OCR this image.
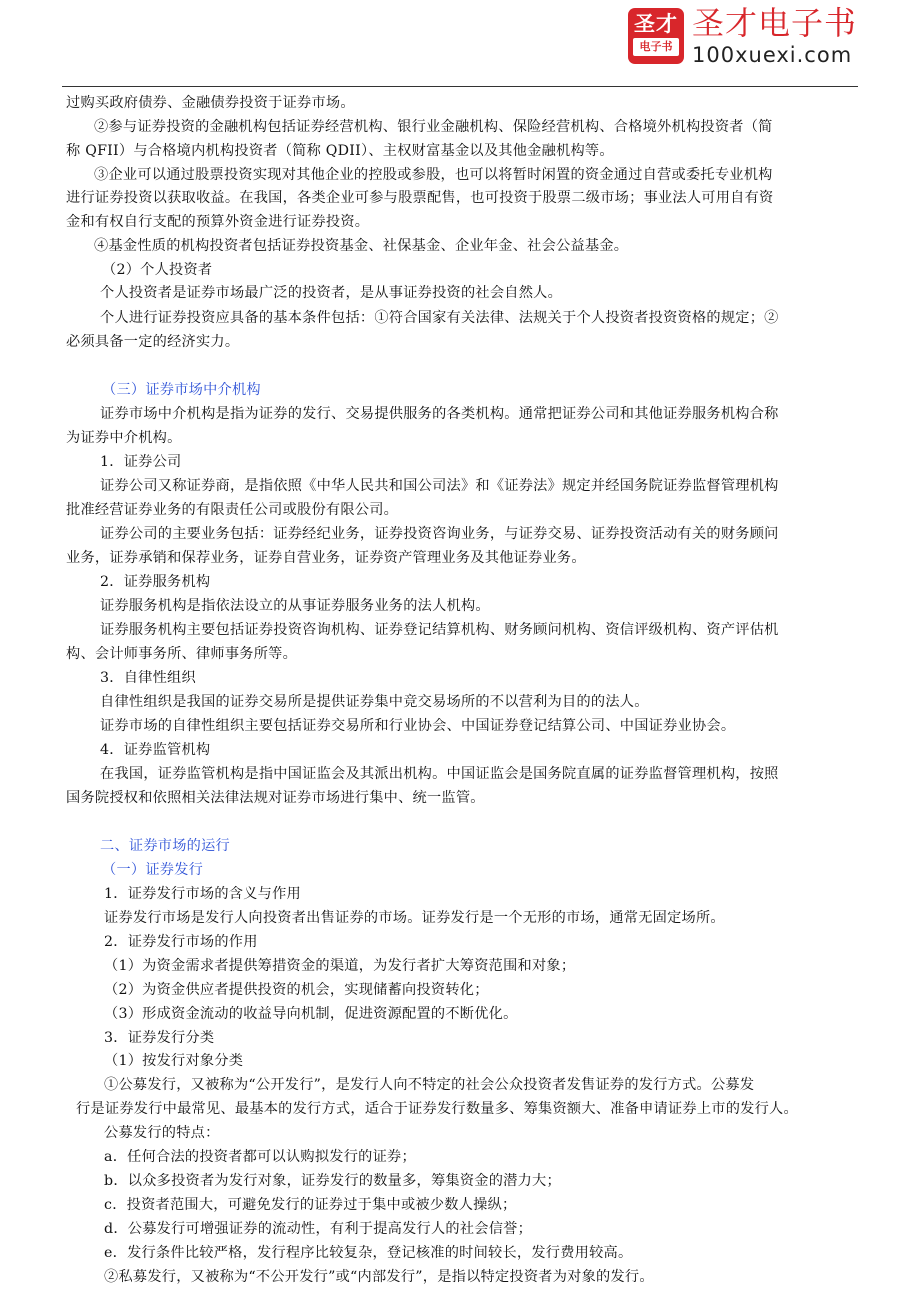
圣才
电子书
圣才电子书
100xuexi.com
过购买政府债券、金融债券投资于证券市场。
②参与证券投资的金融机构包括证券经营机构、银行业金融机构、保险经营机构、合格境外机构投资者（简
称 QFII）与合格境内机构投资者（简称 QDII）、主权财富基金以及其他金融机构等。
③企业可以通过股票投资实现对其他企业的控股或参股，也可以将暂时闲置的资金通过自营或委托专业机构
进行证券投资以获取收益。在我国，各类企业可参与股票配售，也可投资于股票二级市场；事业法人可用自有资
金和有权自行支配的预算外资金进行证券投资。
④基金性质的机构投资者包括证券投资基金、社保基金、企业年金、社会公益基金。
（2）个人投资者
个人投资者是证券市场最广泛的投资者，是从事证券投资的社会自然人。
个人进行证券投资应具备的基本条件包括：①符合国家有关法律、法规关于个人投资者投资资格的规定；②
必须具备一定的经济实力。
（三）证券市场中介机构
证券市场中介机构是指为证券的发行、交易提供服务的各类机构。通常把证券公司和其他证券服务机构合称
为证券中介机构。
1．证券公司
证券公司又称证券商，是指依照《中华人民共和国公司法》和《证券法》规定并经国务院证券监督管理机构
批准经营证券业务的有限责任公司或股份有限公司。
证券公司的主要业务包括：证券经纪业务，证券投资咨询业务，与证券交易、证券投资活动有关的财务顾问
业务，证券承销和保荐业务，证券自营业务，证券资产管理业务及其他证券业务。
2．证券服务机构
证券服务机构是指依法设立的从事证券服务业务的法人机构。
证券服务机构主要包括证券投资咨询机构、证券登记结算机构、财务顾问机构、资信评级机构、资产评估机
构、会计师事务所、律师事务所等。
3．自律性组织
自律性组织是我国的证券交易所是提供证券集中竞交易场所的不以营利为目的的法人。
证券市场的自律性组织主要包括证券交易所和行业协会、中国证券登记结算公司、中国证券业协会。
4．证券监管机构
在我国，证券监管机构是指中国证监会及其派出机构。中国证监会是国务院直属的证券监督管理机构，按照
国务院授权和依照相关法律法规对证券市场进行集中、统一监管。
二、证券市场的运行
（一）证券发行
1．证券发行市场的含义与作用
证券发行市场是发行人向投资者出售证券的市场。证券发行是一个无形的市场，通常无固定场所。
2．证券发行市场的作用
（1）为资金需求者提供筹措资金的渠道，为发行者扩大筹资范围和对象；
（2）为资金供应者提供投资的机会，实现储蓄向投资转化；
（3）形成资金流动的收益导向机制，促进资源配置的不断优化。
3．证券发行分类
（1）按发行对象分类
①公募发行，又被称为“公开发行”，是发行人向不特定的社会公众投资者发售证券的发行方式。公募发
行是证券发行中最常见、最基本的发行方式，适合于证券发行数量多、筹集资额大、准备申请证券上市的发行人。
公募发行的特点：
a．任何合法的投资者都可以认购拟发行的证券；
b．以众多投资者为发行对象，证券发行的数量多，筹集资金的潜力大；
c．投资者范围大，可避免发行的证券过于集中或被少数人操纵；
d．公募发行可增强证券的流动性，有利于提高发行人的社会信誉；
e．发行条件比较严格，发行程序比较复杂，登记核准的时间较长，发行费用较高。
②私募发行，又被称为“不公开发行”或“内部发行”，是指以特定投资者为对象的发行。
